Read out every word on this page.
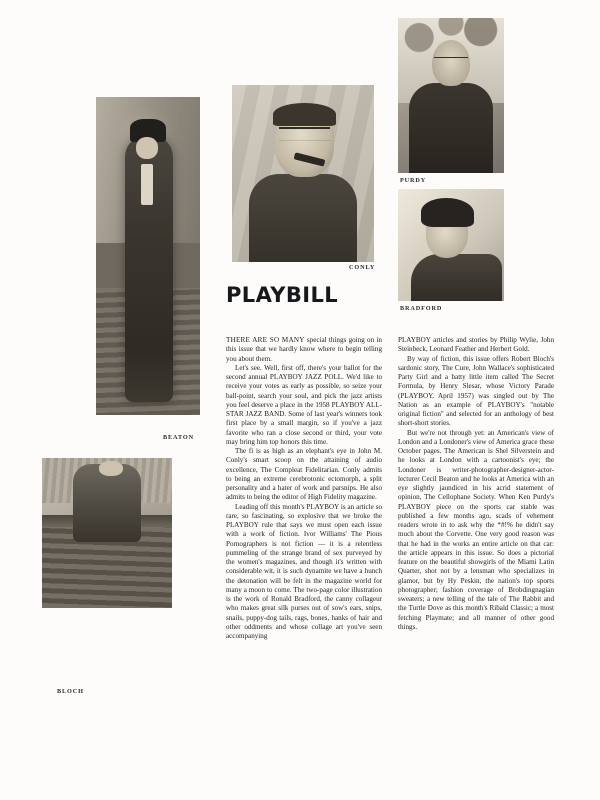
BEATON
CONLY
PURDY
BRADFORD
BLOCH
PLAYBILL

THERE ARE SO MANY special things going on in this issue that we hardly know where to begin telling you about them.

Let's see. Well, first off, there's your ballot for the second annual PLAYBOY JAZZ POLL. We'd like to receive your votes as early as possible, so seize your ball-point, search your soul, and pick the jazz artists you feel deserve a place in the 1958 PLAYBOY ALL-STAR JAZZ BAND. Some of last year's winners took first place by a small margin, so if you've a jazz favorite who ran a close second or third, your vote may bring him top honors this time.

The fi is as high as an elephant's eye in John M. Conly's smart scoop on the attaining of audio excellence, The Compleat Fidelitarian. Conly admits to being an extreme cerebrotonic ectomorph, a split personality and a hater of work and parsnips. He also admits to being the editor of High Fidelity magazine.

Leading off this month's PLAYBOY is an article so rare, so fascinating, so explosive that we broke the PLAYBOY rule that says we must open each issue with a work of fiction. Ivor Williams' The Pious Pornographers is not fiction — it is a relentless pummeling of the strange brand of sex purveyed by the women's magazines, and though it's written with considerable wit, it is such dynamite we have a hunch the detonation will be felt in the magazine world for many a moon to come. The two-page color illustration is the work of Ronald Bradford, the canny collageur who makes great silk purses out of sow's ears, snips, snails, puppy-dog tails, rags, bones, hanks of hair and other oddments and whose collage art you've seen accompanying

PLAYBOY articles and stories by Philip Wylie, John Steinbeck, Leonard Feather and Herbert Gold.

By way of fiction, this issue offers Robert Bloch's sardonic story, The Cure, John Wallace's sophisticated Party Girl and a batty little item called The Secret Formula, by Henry Slesar, whose Victory Parade (PLAYBOY, April 1957) was singled out by The Nation as an example of PLAYBOY's "notable original fiction" and selected for an anthology of best short-short stories.

But we're not through yet: an American's view of London and a Londoner's view of America grace these October pages. The American is Shel Silverstein and he looks at London with a cartoonist's eye; the Londoner is writer-photographer-designer-actor-lecturer Cecil Beaton and he looks at America with an eye slightly jaundiced in his acrid statement of opinion, The Cellophane Society. When Ken Purdy's PLAYBOY piece on the sports car stable was published a few months ago, scads of vehement readers wrote in to ask why the *#!% he didn't say much about the Corvette. One very good reason was that he had in the works an entire article on that car: the article appears in this issue. So does a pictorial feature on the beautiful showgirls of the Miami Latin Quarter, shot not by a lensman who specializes in glamor, but by Hy Peskin, the nation's top sports photographer; fashion coverage of Brobdingnagian sweaters; a new telling of the tale of The Rabbit and the Turtle Dove as this month's Ribald Classic; a most fetching Playmate; and all manner of other good things.
